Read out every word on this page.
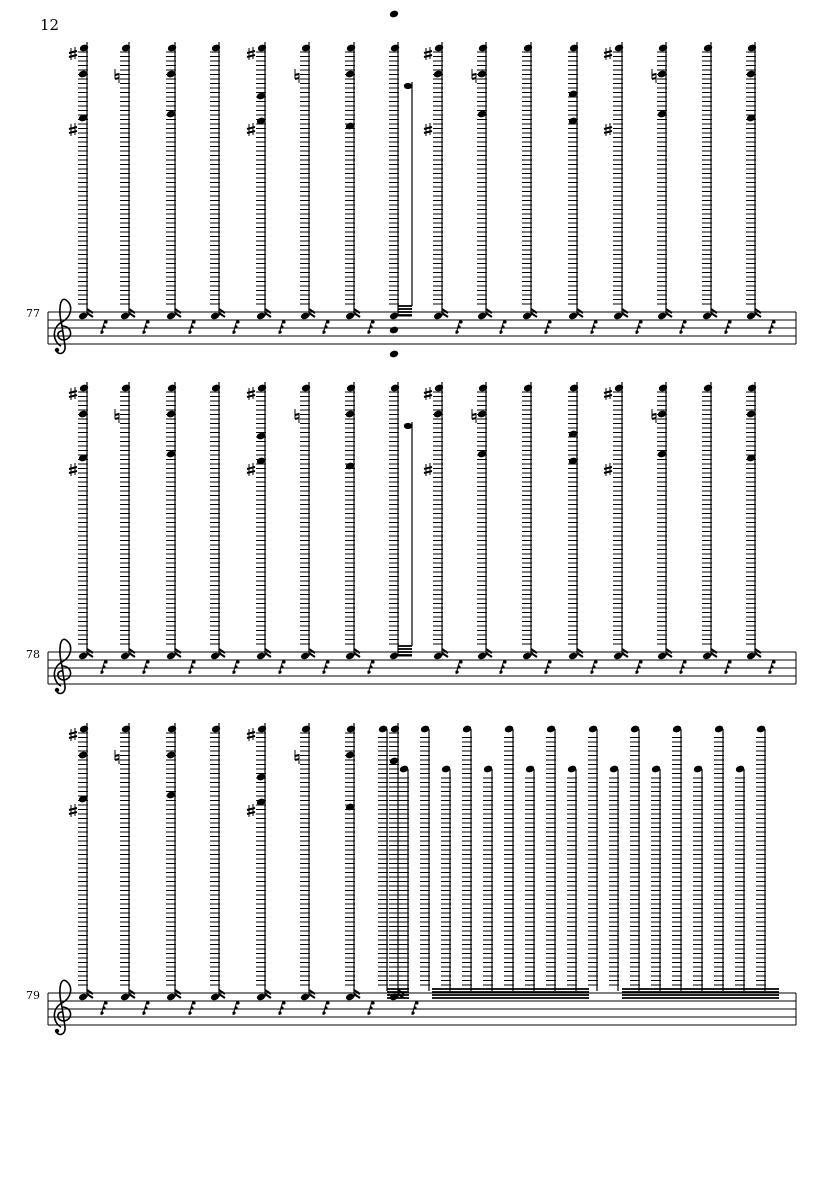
12
77
78
79
